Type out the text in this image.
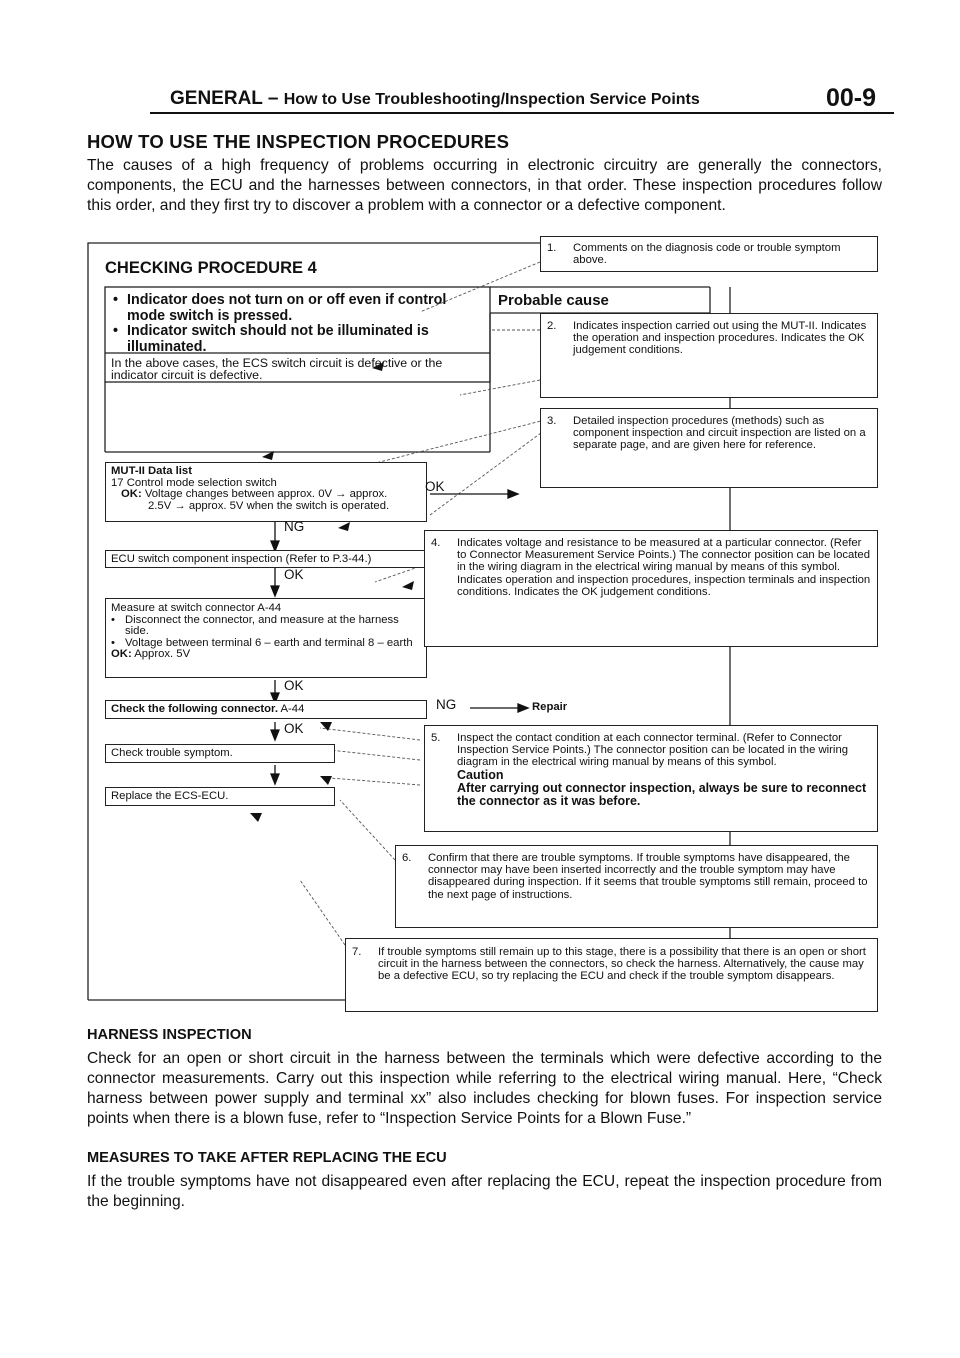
GENERAL – How to Use Troubleshooting/Inspection Service Points	00-9
HOW TO USE THE INSPECTION PROCEDURES
The causes of a high frequency of problems occurring in electronic circuitry are generally the connectors, components, the ECU and the harnesses between connectors, in that order. These inspection procedures follow this order, and they first try to discover a problem with a connector or a defective component.
CHECKING PROCEDURE 4
• Indicator does not turn on or off even if control mode switch is pressed.
• Indicator switch should not be illuminated is illuminated.
Probable cause
In the above cases, the ECS switch circuit is defective or the indicator circuit is defective.
MUT-II Data list
17 Control mode selection switch
OK: Voltage changes between approx. 0V → approx.
2.5V → approx. 5V when the switch is operated.
NG
OK
ECU switch component inspection (Refer to P.3-44.)
OK
Measure at switch connector A-44
• Disconnect the connector, and measure at the harness side.
• Voltage between terminal 6 – earth and terminal 8 – earth
OK: Approx. 5V
OK
Check the following connector. A-44	NG	Repair
OK
Check trouble symptom.
Replace the ECS-ECU.
1.	Comments on the diagnosis code or trouble symptom above.
2.	Indicates inspection carried out using the MUT-II. Indicates the operation and inspection procedures. Indicates the OK judgement conditions.
3.	Detailed inspection procedures (methods) such as component inspection and circuit inspection are listed on a separate page, and are given here for reference.
4.	Indicates voltage and resistance to be measured at a particular connector. (Refer to Connector Measurement Service Points.) The connector position can be located in the wiring diagram in the electrical wiring manual by means of this symbol. Indicates operation and inspection procedures, inspection terminals and inspection conditions. Indicates the OK judgement conditions.
5.	Inspect the contact condition at each connector terminal. (Refer to Connector Inspection Service Points.) The connector position can be located in the wiring diagram in the electrical wiring manual by means of this symbol.
Caution
After carrying out connector inspection, always be sure to reconnect the connector as it was before.
6.	Confirm that there are trouble symptoms. If trouble symptoms have disappeared, the connector may have been inserted incorrectly and the trouble symptom may have disappeared during inspection. If it seems that trouble symptoms still remain, proceed to the next page of instructions.
7.	If trouble symptoms still remain up to this stage, there is a possibility that there is an open or short circuit in the harness between the connectors, so check the harness. Alternatively, the cause may be a defective ECU, so try replacing the ECU and check if the trouble symptom disappears.
HARNESS INSPECTION
Check for an open or short circuit in the harness between the terminals which were defective according to the connector measurements. Carry out this inspection while referring to the electrical wiring manual. Here, “Check harness between power supply and terminal xx” also includes checking for blown fuses. For inspection service points when there is a blown fuse, refer to “Inspection Service Points for a Blown Fuse.”
MEASURES TO TAKE AFTER REPLACING THE ECU
If the trouble symptoms have not disappeared even after replacing the ECU, repeat the inspection procedure from the beginning.
